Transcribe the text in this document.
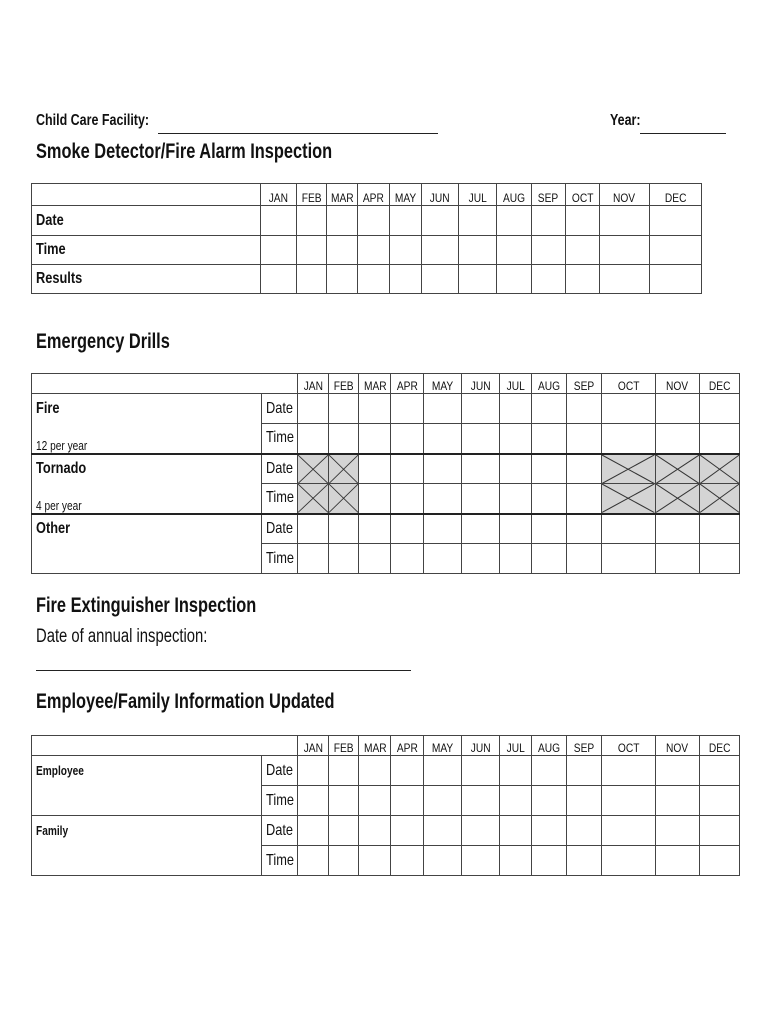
Child Care Facility:	Year:
Smoke Detector/Fire Alarm Inspection
	JAN	FEB	MAR	APR	MAY	JUN	JUL	AUG	SEP	OCT	NOV	DEC
Date												
Time												
Results												
Emergency Drills
		JAN	FEB	MAR	APR	MAY	JUN	JUL	AUG	SEP	OCT	NOV	DEC
Fire	Date												
12 per year	Time												
Tornado	Date	

4 per year	Time	

Other	Date												
	Time												
Fire Extinguisher Inspection
Date of annual inspection:
Employee/Family Information Updated
		JAN	FEB	MAR	APR	MAY	JUN	JUL	AUG	SEP	OCT	NOV	DEC
Employee	Date												
	Time												
Family	Date												
	Time												
